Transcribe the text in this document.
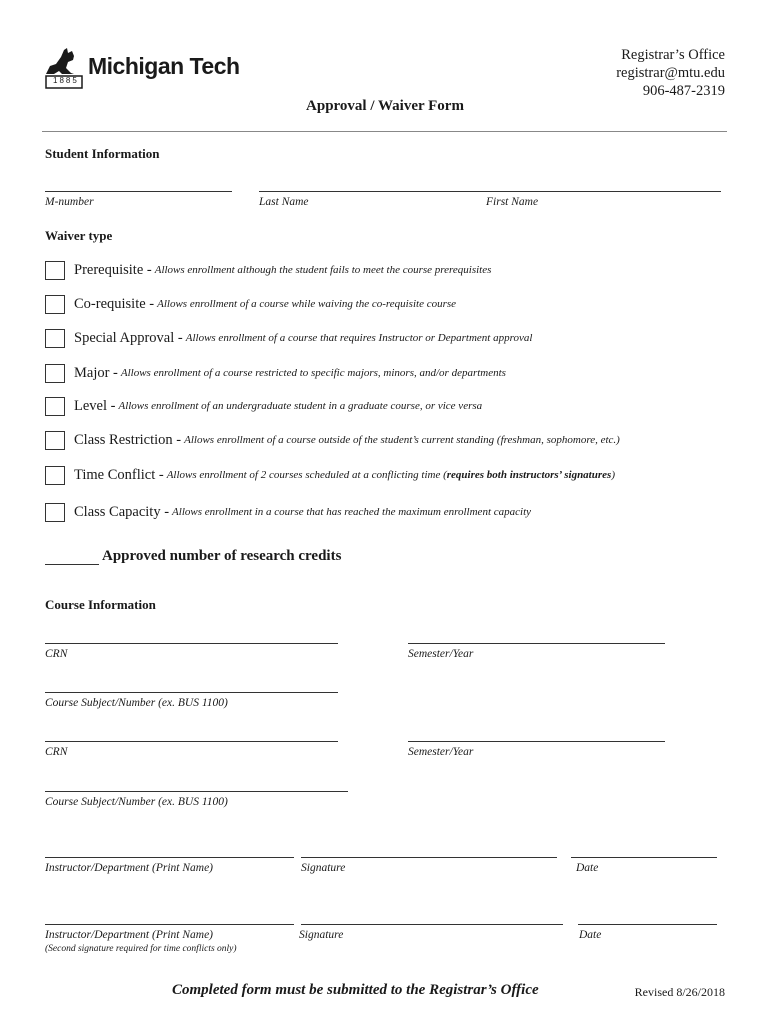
1885
Michigan Tech	Registrar’s Office
registrar@mtu.edu
906-487-2319
Approval / Waiver Form
Student Information
M-number	Last Name	First Name
Waiver type
Prerequisite - Allows enrollment although the student fails to meet the course prerequisites
Co-requisite - Allows enrollment of a course while waiving the co-requisite course
Special Approval - Allows enrollment of a course that requires Instructor or Department approval
Major - Allows enrollment of a course restricted to specific majors, minors, and/or departments
Level - Allows enrollment of an undergraduate student in a graduate course, or vice versa
Class Restriction - Allows enrollment of a course outside of the student’s current standing (freshman, sophomore, etc.)
Time Conflict - Allows enrollment of 2 courses scheduled at a conflicting time (requires both instructors’ signatures)
Class Capacity - Allows enrollment in a course that has reached the maximum enrollment capacity
Approved number of research credits
Course Information
CRN	Semester/Year
Course Subject/Number (ex. BUS 1100)
CRN	Semester/Year
Course Subject/Number (ex. BUS 1100)
Instructor/Department (Print Name)	Signature	Date
Instructor/Department (Print Name)	Signature	Date
(Second signature required for time conflicts only)
Completed form must be submitted to the Registrar’s Office	Revised 8/26/2018
